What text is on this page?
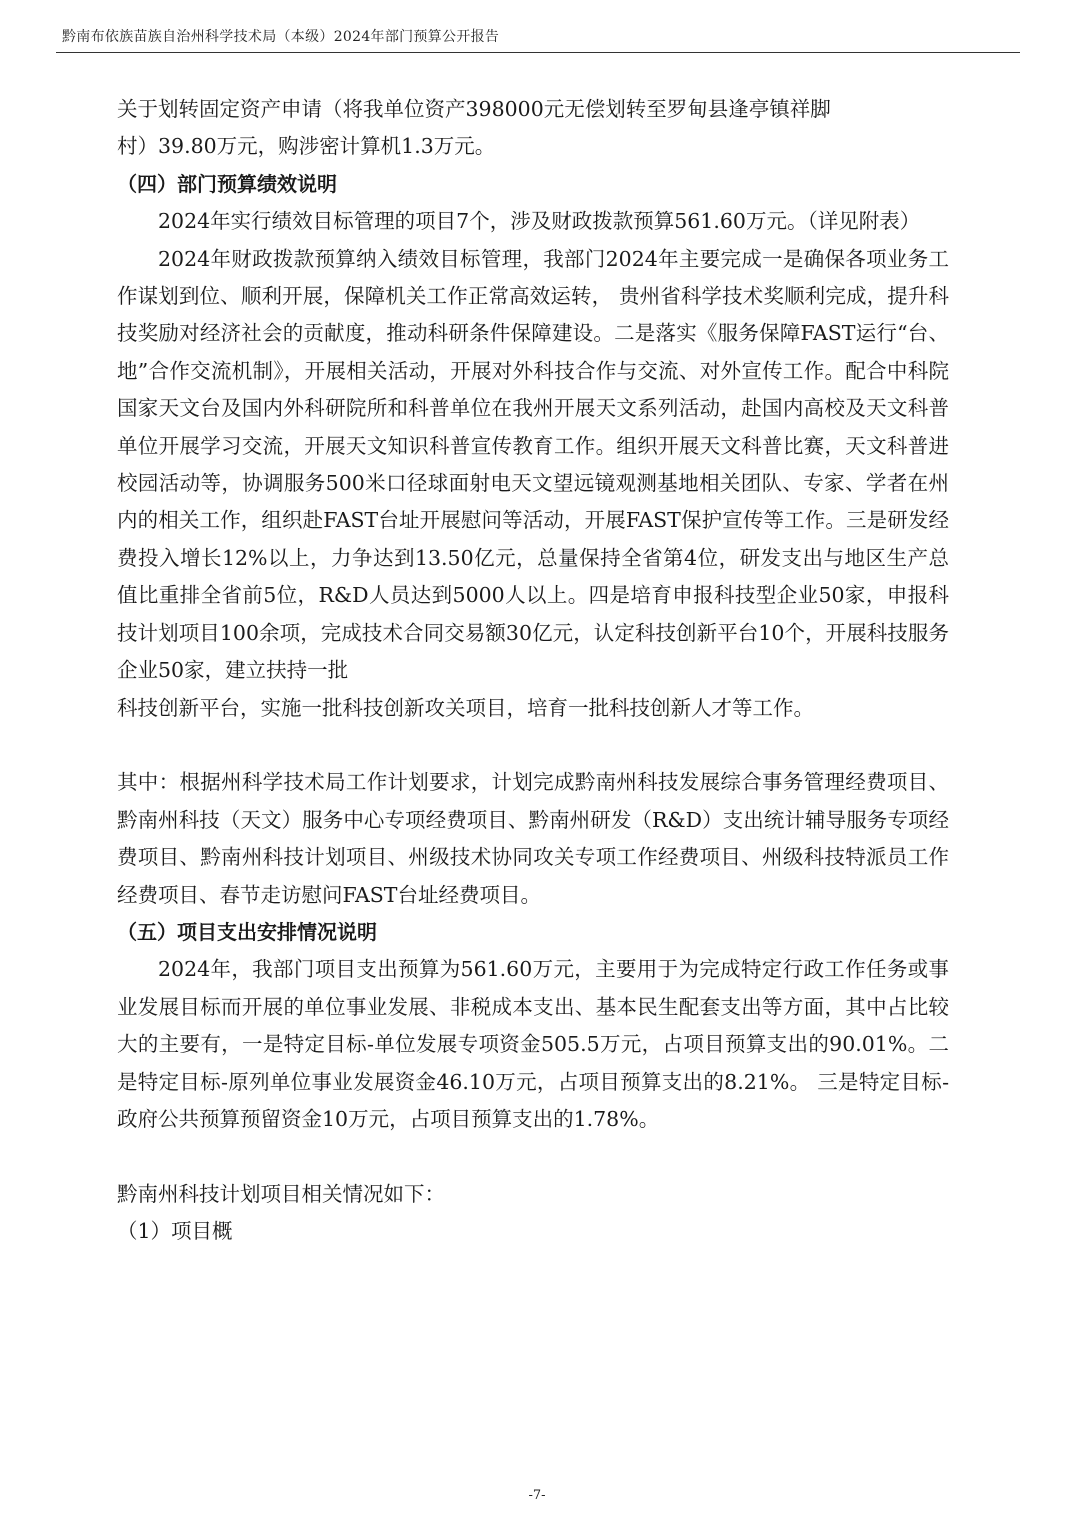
黔南布依族苗族自治州科学技术局（本级）2024年部门预算公开报告

关于划转固定资产申请（将我单位资产398000元无偿划转至罗甸县逢亭镇祥脚
村）39.80万元，购涉密计算机1.3万元。

（四）部门预算绩效说明

2024年实行绩效目标管理的项目7个，涉及财政拨款预算561.60万元。（详见附表）

2024年财政拨款预算纳入绩效目标管理，我部门2024年主要完成一是确保各项业务工作谋划到位、顺利开展，保障机关工作正常高效运转， 贵州省科学技术奖顺利完成，提升科技奖励对经济社会的贡献度，推动科研条件保障建设。二是落实《服务保障FAST运行“台、地”合作交流机制》，开展相关活动，开展对外科技合作与交流、对外宣传工作。配合中科院国家天文台及国内外科研院所和科普单位在我州开展天文系列活动，赴国内高校及天文科普单位开展学习交流，开展天文知识科普宣传教育工作。组织开展天文科普比赛，天文科普进校园活动等，协调服务500米口径球面射电天文望远镜观测基地相关团队、专家、学者在州内的相关工作，组织赴FAST台址开展慰问等活动，开展FAST保护宣传等工作。三是研发经费投入增长12%以上，力争达到13.50亿元，总量保持全省第4位，研发支出与地区生产总值比重排全省前5位，R&D人员达到5000人以上。四是培育申报科技型企业50家，申报科技计划项目100余项，完成技术合同交易额30亿元，认定科技创新平台10个，开展科技服务企业50家，建立扶持一批

科技创新平台，实施一批科技创新攻关项目，培育一批科技创新人才等工作。

其中：根据州科学技术局工作计划要求，计划完成黔南州科技发展综合事务管理经费项目、黔南州科技（天文）服务中心专项经费项目、黔南州研发（R&D）支出统计辅导服务专项经费项目、黔南州科技计划项目、州级技术协同攻关专项工作经费项目、州级科技特派员工作经费项目、春节走访慰问FAST台址经费项目。

（五）项目支出安排情况说明

2024年，我部门项目支出预算为561.60万元，主要用于为完成特定行政工作任务或事业发展目标而开展的单位事业发展、非税成本支出、基本民生配套支出等方面，其中占比较大的主要有，一是特定目标-单位发展专项资金505.5万元，占项目预算支出的90.01%。二是特定目标-原列单位事业发展资金46.10万元，占项目预算支出的8.21%。 三是特定目标-政府公共预算预留资金10万元，占项目预算支出的1.78%。

黔南州科技计划项目相关情况如下：

（1）项目概

-7-
